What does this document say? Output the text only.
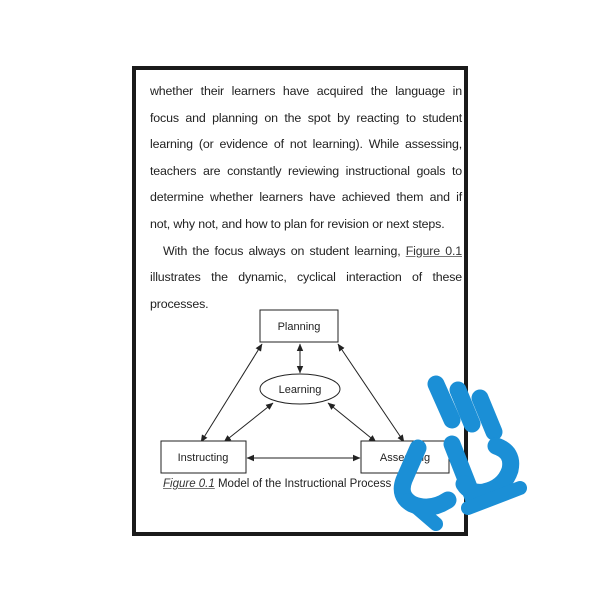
whether their learners have acquired the language in focus and planning on the spot by reacting to student learning (or evidence of not learning). While assessing, teachers are constantly reviewing instructional goals to determine whether learners have achieved them and if not, why not, and how to plan for revision or next steps.

With the focus always on student learning, Figure 0.1 illustrates the dynamic, cyclical interaction of these processes.

Planning
Learning
Instructing	Assessing
Figure 0.1 Model of the Instructional Process
